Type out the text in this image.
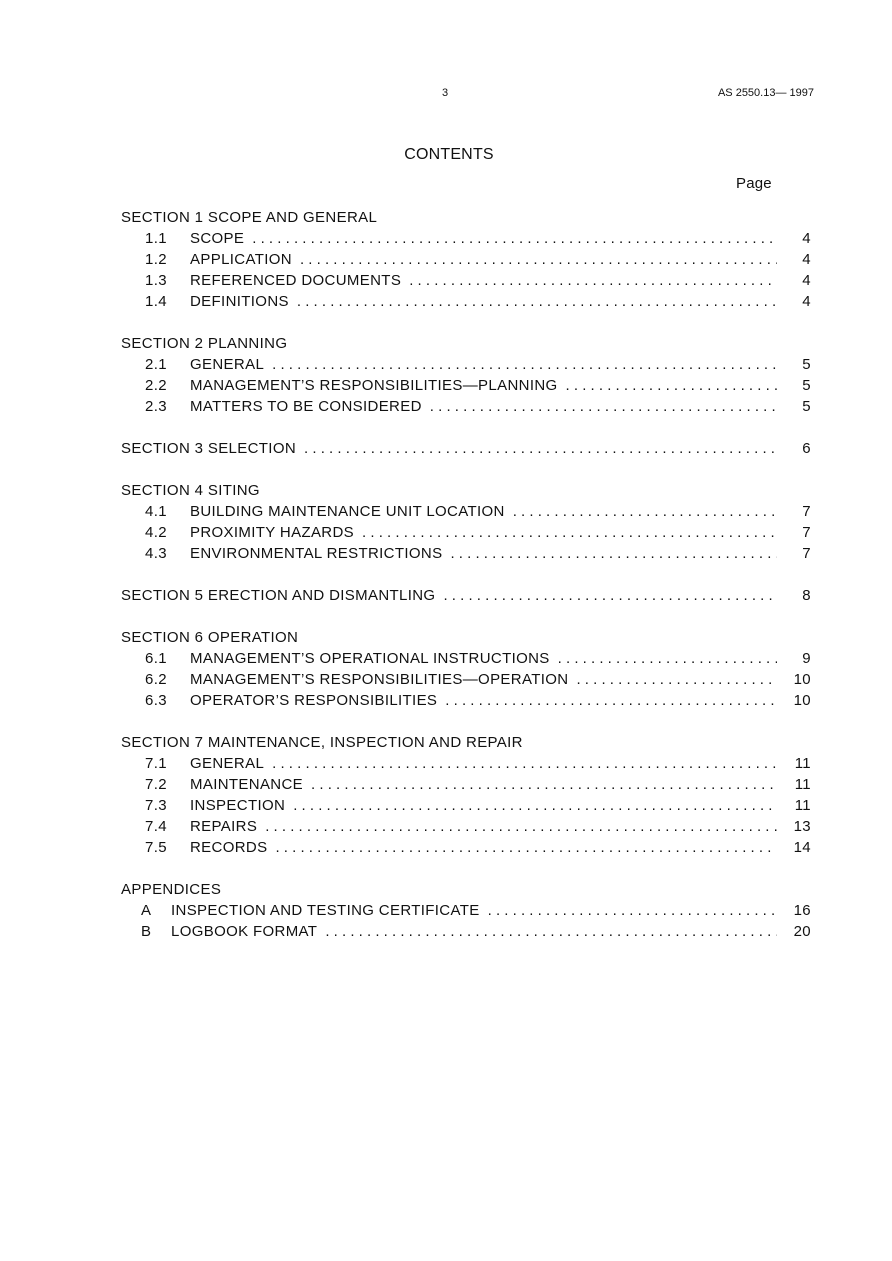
3	AS 2550.13— 1997
CONTENTS
Page
SECTION 1 SCOPE AND GENERAL
1.1	SCOPE . . .	4
1.2	APPLICATION . . .	4
1.3	REFERENCED DOCUMENTS . . .	4
1.4	DEFINITIONS . . .	4
SECTION 2 PLANNING
2.1	GENERAL . . .	5
2.2	MANAGEMENT’S RESPONSIBILITIES—PLANNING . . .	5
2.3	MATTERS TO BE CONSIDERED . . .	5
SECTION 3 SELECTION . . .	6
SECTION 4 SITING
4.1	BUILDING MAINTENANCE UNIT LOCATION . . .	7
4.2	PROXIMITY HAZARDS . . .	7
4.3	ENVIRONMENTAL RESTRICTIONS . . .	7
SECTION 5 ERECTION AND DISMANTLING . . .	8
SECTION 6 OPERATION
6.1	MANAGEMENT’S OPERATIONAL INSTRUCTIONS . . .	9
6.2	MANAGEMENT’S RESPONSIBILITIES—OPERATION . . .	10
6.3	OPERATOR’S RESPONSIBILITIES . . .	10
SECTION 7 MAINTENANCE, INSPECTION AND REPAIR
7.1	GENERAL . . .	11
7.2	MAINTENANCE . . .	11
7.3	INSPECTION . . .	11
7.4	REPAIRS . . .	13
7.5	RECORDS . . .	14
APPENDICES
A	INSPECTION AND TESTING CERTIFICATE . . .	16
B	LOGBOOK FORMAT . . .	20
